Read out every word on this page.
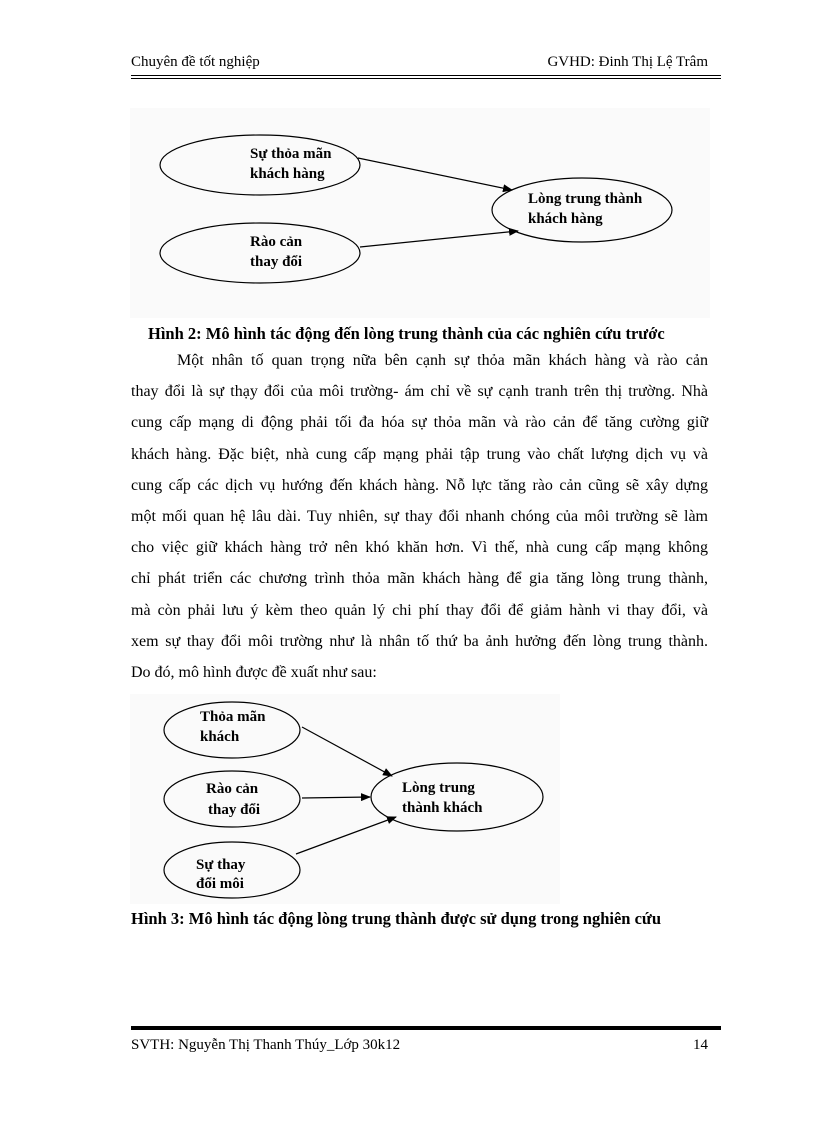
Chuyên đề tốt nghiệp	GVHD: Đinh Thị Lệ Trâm
Sự thỏa mãn
khách hàng
Rào cản
thay đổi
Lòng trung thành
khách hàng
Hình 2: Mô hình tác động đến lòng trung thành của các nghiên cứu trước
Một nhân tố quan trọng nữa bên cạnh sự thỏa mãn khách hàng và rào cản
thay đổi là sự thạy đổi của môi trường- ám chỉ về sự cạnh tranh trên thị trường. Nhà
cung cấp mạng di động phải tối đa hóa sự thỏa mãn và rào cản để tăng cường giữ
khách hàng. Đặc biệt, nhà cung cấp mạng phải tập trung vào chất lượng dịch vụ và
cung cấp các dịch vụ hướng đến khách hàng. Nỗ lực tăng rào cản cũng sẽ xây dựng
một mối quan hệ lâu dài. Tuy nhiên, sự thay đổi nhanh chóng của môi trường sẽ làm
cho việc giữ khách hàng trở nên khó khăn hơn. Vì thế, nhà cung cấp mạng không
chỉ phát triển các chương trình thỏa mãn khách hàng để gia tăng lòng trung thành,
mà còn phải lưu ý kèm theo quản lý chi phí thay đổi để giảm hành vi thay đổi, và
xem sự thay đổi môi trường như là nhân tố thứ ba ảnh hưởng đến lòng trung thành.
Do đó, mô hình được đề xuất như sau:
Thỏa mãn
khách
Rào cản
thay đổi
Sự thay
đổi môi
Lòng trung
thành khách
Hình 3: Mô hình tác động lòng trung thành được sử dụng trong nghiên cứu
SVTH: Nguyễn Thị Thanh Thúy_Lớp 30k12	14
